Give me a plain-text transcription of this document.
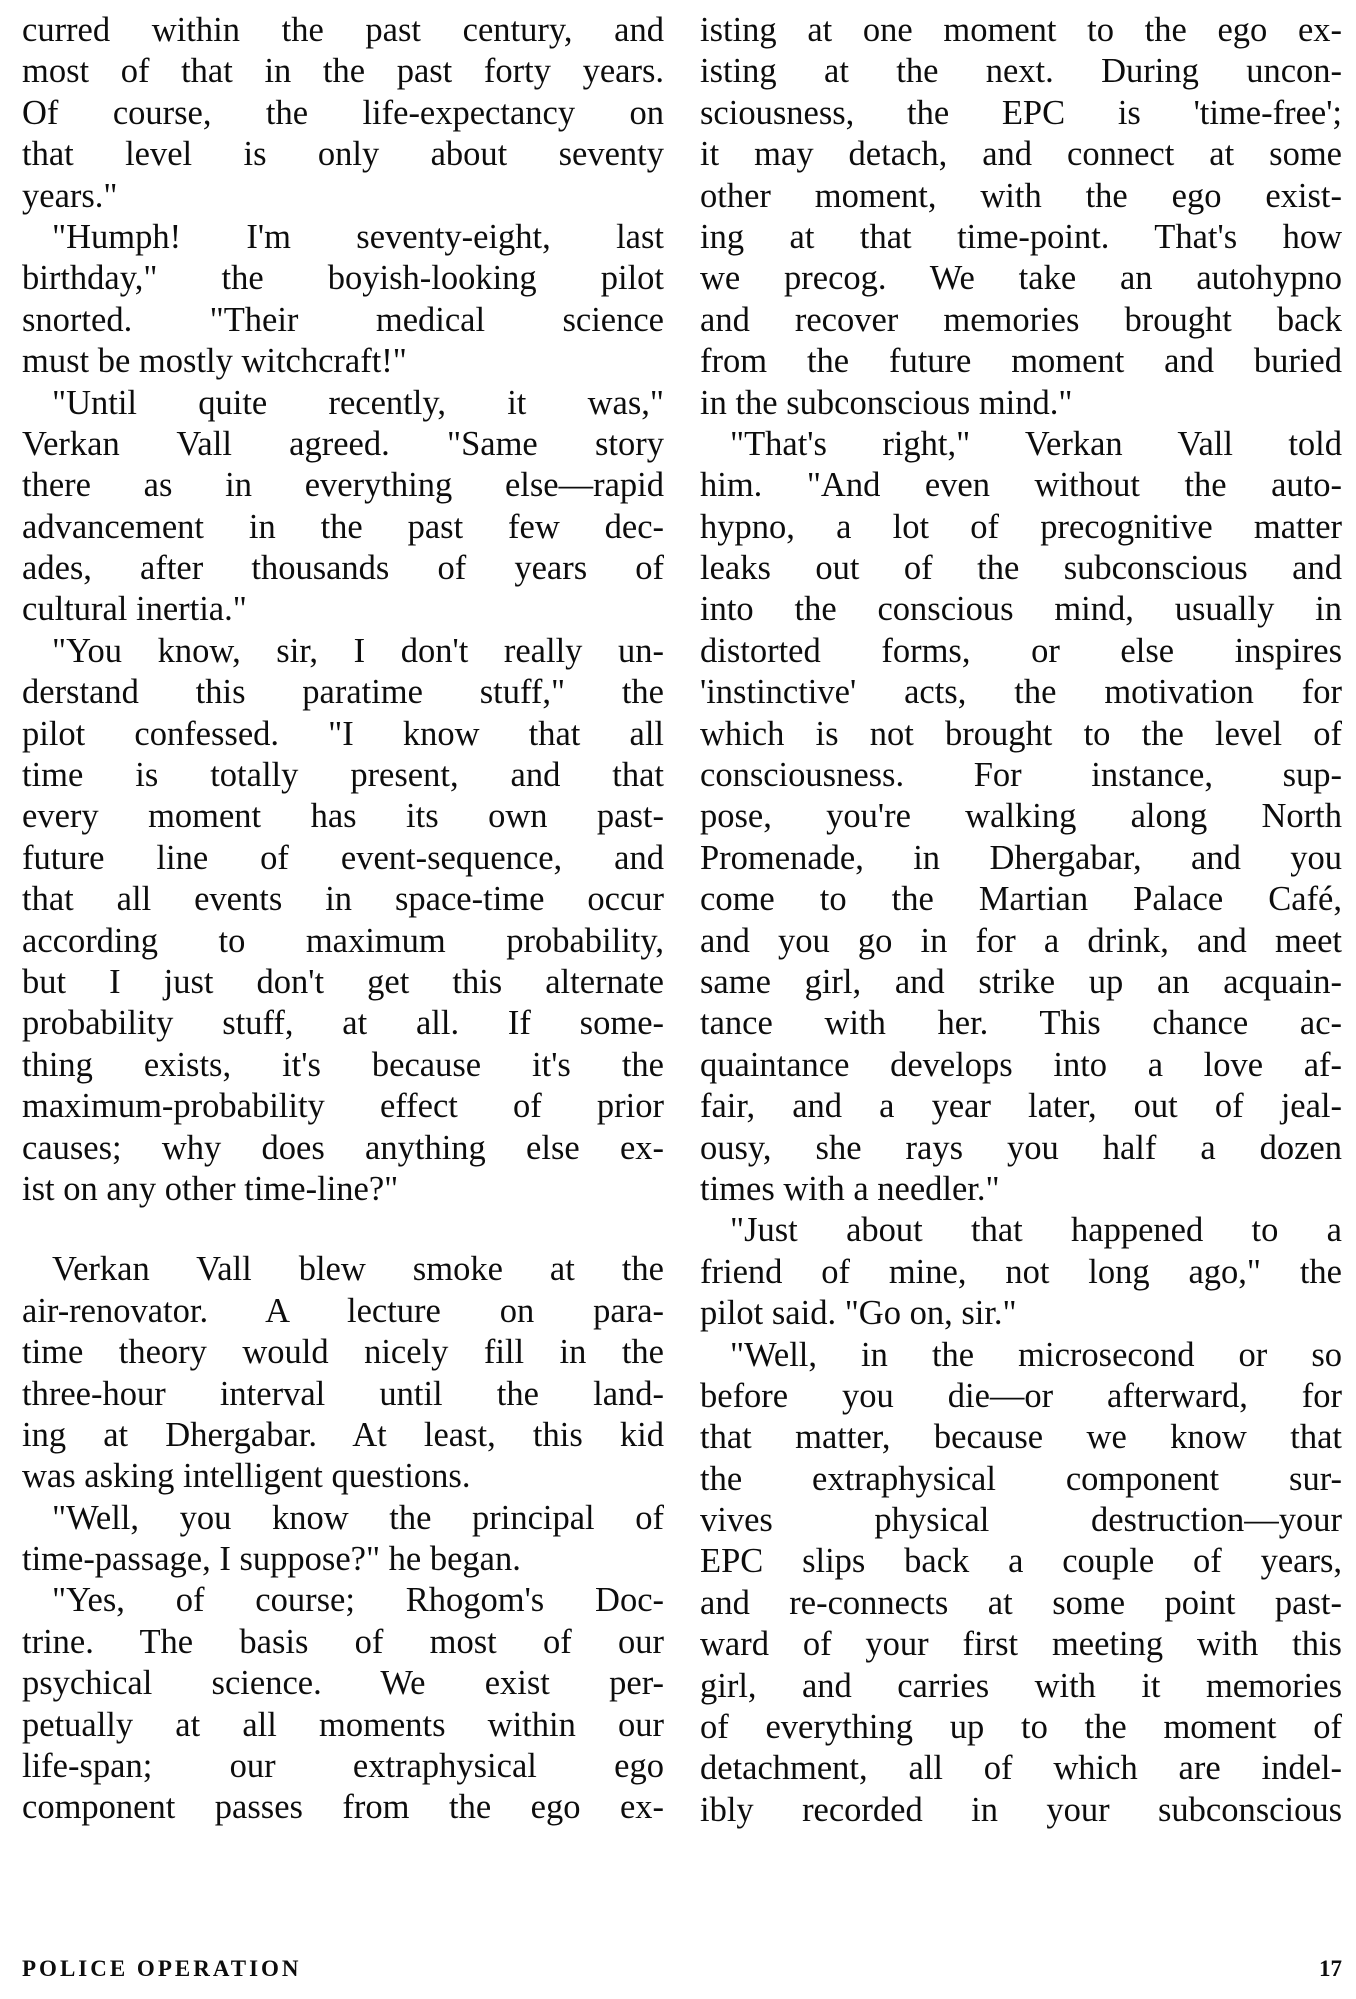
curred within the past century, and
most of that in the past forty years.
Of course, the life-expectancy on
that level is only about seventy
years."
"Humph! I'm seventy-eight, last
birthday," the boyish-looking pilot
snorted. "Their medical science
must be mostly witchcraft!"
"Until quite recently, it was,"
Verkan Vall agreed. "Same story
there as in everything else—rapid
advancement in the past few dec-
ades, after thousands of years of
cultural inertia."
"You know, sir, I don't really un-
derstand this paratime stuff," the
pilot confessed. "I know that all
time is totally present, and that
every moment has its own past-
future line of event-sequence, and
that all events in space-time occur
according to maximum probability,
but I just don't get this alternate
probability stuff, at all. If some-
thing exists, it's because it's the
maximum-probability effect of prior
causes; why does anything else ex-
ist on any other time-line?"
Verkan Vall blew smoke at the
air-renovator. A lecture on para-
time theory would nicely fill in the
three-hour interval until the land-
ing at Dhergabar. At least, this kid
was asking intelligent questions.
"Well, you know the principal of
time-passage, I suppose?" he began.
"Yes, of course; Rhogom's Doc-
trine. The basis of most of our
psychical science. We exist per-
petually at all moments within our
life-span; our extraphysical ego
component passes from the ego ex-
isting at one moment to the ego ex-
isting at the next. During uncon-
sciousness, the EPC is 'time-free';
it may detach, and connect at some
other moment, with the ego exist-
ing at that time-point. That's how
we precog. We take an autohypno
and recover memories brought back
from the future moment and buried
in the subconscious mind."
"That's right," Verkan Vall told
him. "And even without the auto-
hypno, a lot of precognitive matter
leaks out of the subconscious and
into the conscious mind, usually in
distorted forms, or else inspires
'instinctive' acts, the motivation for
which is not brought to the level of
consciousness. For instance, sup-
pose, you're walking along North
Promenade, in Dhergabar, and you
come to the Martian Palace Café,
and you go in for a drink, and meet
same girl, and strike up an acquain-
tance with her. This chance ac-
quaintance develops into a love af-
fair, and a year later, out of jeal-
ousy, she rays you half a dozen
times with a needler."
"Just about that happened to a
friend of mine, not long ago," the
pilot said. "Go on, sir."
"Well, in the microsecond or so
before you die—or afterward, for
that matter, because we know that
the extraphysical component sur-
vives physical destruction—your
EPC slips back a couple of years,
and re-connects at some point past-
ward of your first meeting with this
girl, and carries with it memories
of everything up to the moment of
detachment, all of which are indel-
ibly recorded in your subconscious
POLICE OPERATION	17
